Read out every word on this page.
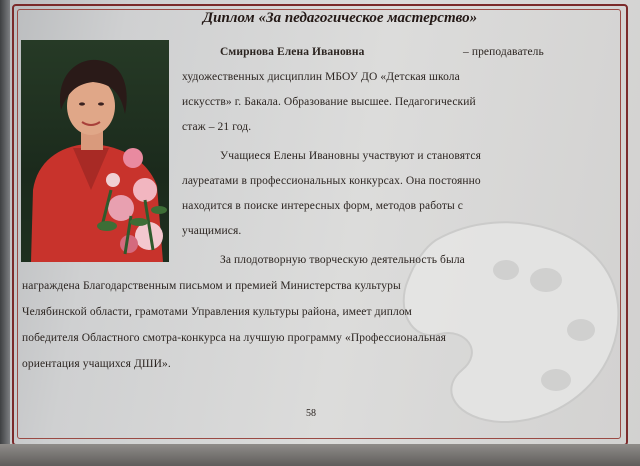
Диплом «За педагогическое мастерство»
Смирнова Елена Ивановна	– преподаватель
художественных дисциплин МБОУ ДО «Детская школа
искусств» г. Бакала. Образование высшее. Педагогический
стаж – 21 год.
Учащиеся Елены Ивановны участвуют и становятся
лауреатами в профессиональных конкурсах. Она постоянно
находится в поиске интересных форм, методов работы с
учащимися.
За плодотворную творческую деятельность была
награждена Благодарственным письмом и премией Министерства культуры
Челябинской области, грамотами Управления культуры района, имеет диплом
победителя Областного смотра-конкурса на лучшую программу «Профессиональная
ориентация учащихся ДШИ».
58
